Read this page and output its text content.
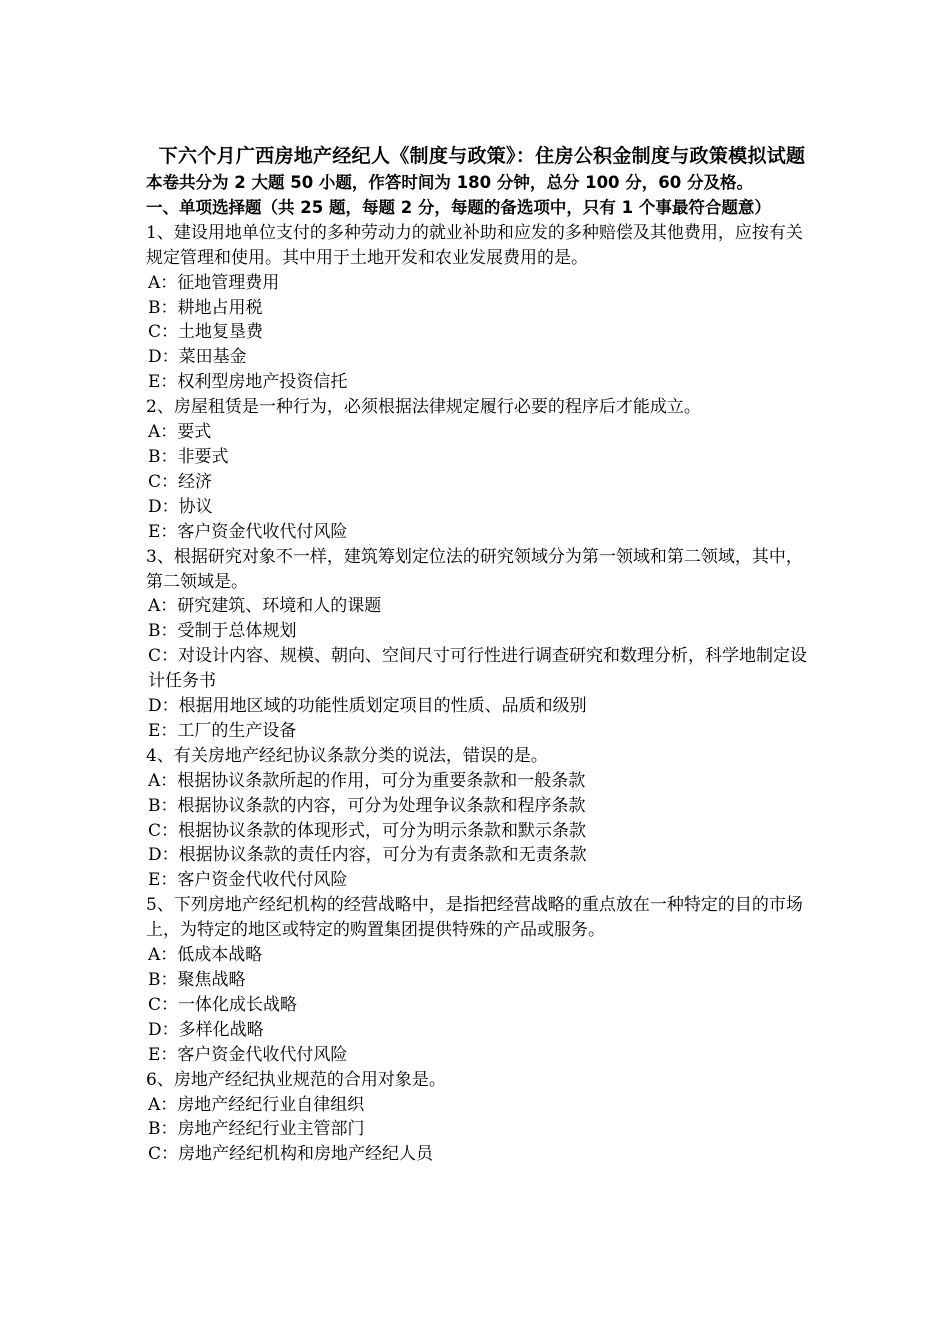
下六个月广西房地产经纪人《制度与政策》：住房公积金制度与政策模拟试题
本卷共分为 2 大题 50 小题，作答时间为 180 分钟，总分 100 分，60 分及格。
一、单项选择题（共 25 题，每题 2 分，每题的备选项中，只有 1 个事最符合题意）

1、建设用地单位支付的多种劳动力的就业补助和应发的多种赔偿及其他费用，应按有关规定管理和使用。其中用于土地开发和农业发展费用的是。

A：征地管理费用

B：耕地占用税

C：土地复垦费

D：菜田基金

E：权利型房地产投资信托

2、房屋租赁是一种行为，必须根据法律规定履行必要的程序后才能成立。

A：要式

B：非要式

C：经济

D：协议

E：客户资金代收代付风险

3、根据研究对象不一样，建筑筹划定位法的研究领域分为第一领域和第二领域，其中，第二领域是。

A：研究建筑、环境和人的课题

B：受制于总体规划

C：对设计内容、规模、朝向、空间尺寸可行性进行调查研究和数理分析，科学地制定设计任务书

D：根据用地区域的功能性质划定项目的性质、品质和级别

E：工厂的生产设备

4、有关房地产经纪协议条款分类的说法，错误的是。

A：根据协议条款所起的作用，可分为重要条款和一般条款

B：根据协议条款的内容，可分为处理争议条款和程序条款

C：根据协议条款的体现形式，可分为明示条款和默示条款

D：根据协议条款的责任内容，可分为有责条款和无责条款

E：客户资金代收代付风险

5、下列房地产经纪机构的经营战略中，是指把经营战略的重点放在一种特定的目的市场上，为特定的地区或特定的购置集团提供特殊的产品或服务。

A：低成本战略

B：聚焦战略

C：一体化成长战略

D：多样化战略

E：客户资金代收代付风险

6、房地产经纪执业规范的合用对象是。

A：房地产经纪行业自律组织

B：房地产经纪行业主管部门

C：房地产经纪机构和房地产经纪人员
